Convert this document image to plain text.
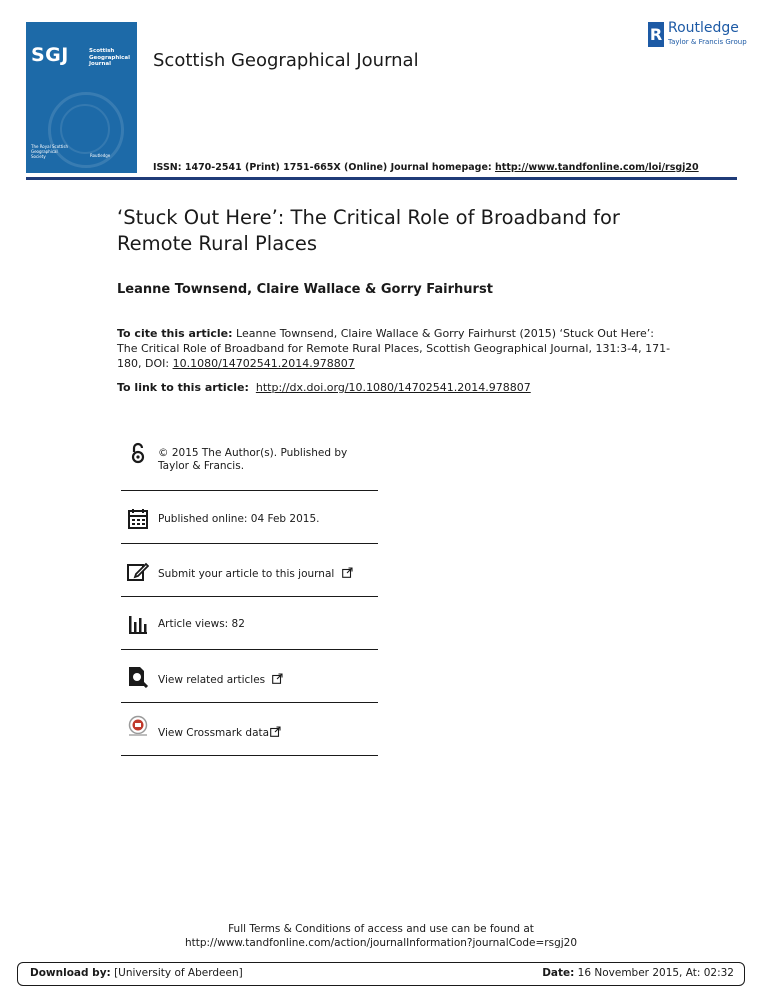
SGJ	Scottish Geographical Journal
The Royal Scottish Geographical Society	Routledge
Scottish Geographical Journal
R Routledge
Taylor & Francis Group
ISSN: 1470-2541 (Print) 1751-665X (Online) Journal homepage: http://www.tandfonline.com/loi/rsgj20
‘Stuck Out Here’: The Critical Role of Broadband for Remote Rural Places
Leanne Townsend, Claire Wallace & Gorry Fairhurst
To cite this article: Leanne Townsend, Claire Wallace & Gorry Fairhurst (2015) ‘Stuck Out Here’: The Critical Role of Broadband for Remote Rural Places, Scottish Geographical Journal, 131:3-4, 171-180, DOI: 10.1080/14702541.2014.978807
To link to this article: http://dx.doi.org/10.1080/14702541.2014.978807
© 2015 The Author(s). Published by Taylor & Francis.
Published online: 04 Feb 2015.
Submit your article to this journal
Article views: 82
View related articles
View Crossmark data
Full Terms & Conditions of access and use can be found at
http://www.tandfonline.com/action/journalInformation?journalCode=rsgj20
Download by: [University of Aberdeen]	Date: 16 November 2015, At: 02:32
